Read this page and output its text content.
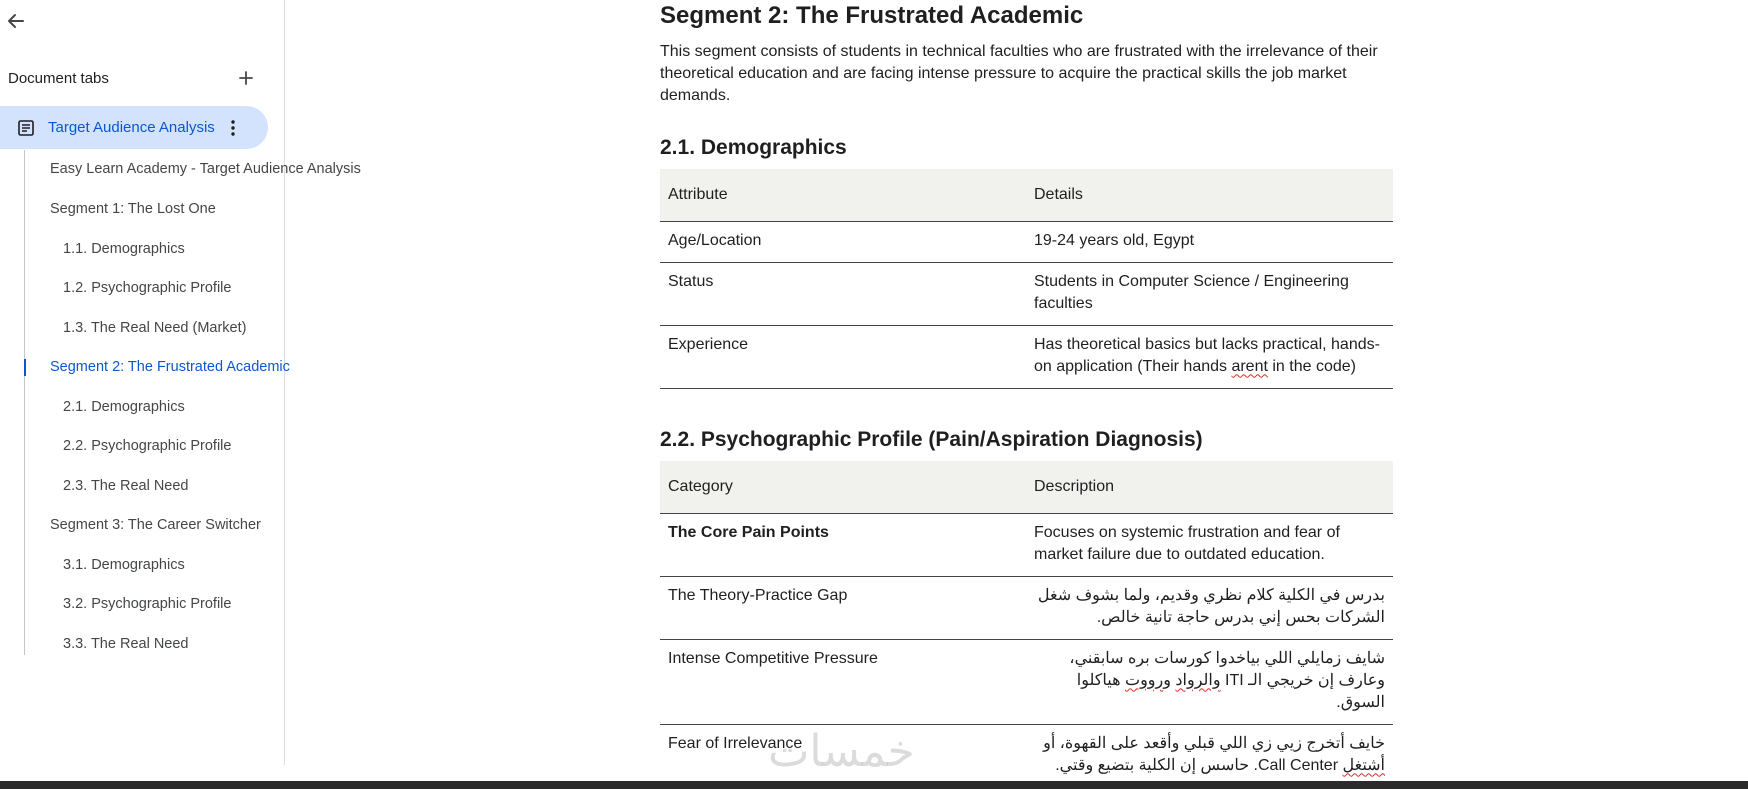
Document tabs
Target Audience Analysis
Easy Learn Academy - Target Audience Analysis
Segment 1: The Lost One
1.1. Demographics
1.2. Psychographic Profile
1.3. The Real Need (Market)
Segment 2: The Frustrated Academic
2.1. Demographics
2.2. Psychographic Profile
2.3. The Real Need
Segment 3: The Career Switcher
3.1. Demographics
3.2. Psychographic Profile
3.3. The Real Need
Segment 2: The Frustrated Academic

This segment consists of students in technical faculties who are frustrated with the irrelevance of their theoretical education and are facing intense pressure to acquire the practical skills the job market demands.

2.1. Demographics
Attribute	Details
Age/Location	19-24 years old, Egypt
Status	Students in Computer Science / Engineering faculties
Experience	Has theoretical basics but lacks practical, hands-on application (Their hands arent in the code)
2.2. Psychographic Profile (Pain/Aspiration Diagnosis)
Category	Description
The Core Pain Points	Focuses on systemic frustration and fear of market failure due to outdated education.
The Theory-Practice Gap	بدرس في الكلية كلام نظري وقديم، ولما بشوف شغل الشركات بحس إني بدرس حاجة تانية خالص.
Intense Competitive Pressure	شايف زمايلي اللي بياخدوا كورسات بره سابقني، وعارف إن خريجي الـ ITI والرواد ورووت هياكلوا السوق.
Fear of Irrelevance	خايف أتخرج زيي زي اللي قبلي وأقعد على القهوة، أو أشتغل Call Center. حاسس إن الكلية بتضيع وقتي.
خمسات
